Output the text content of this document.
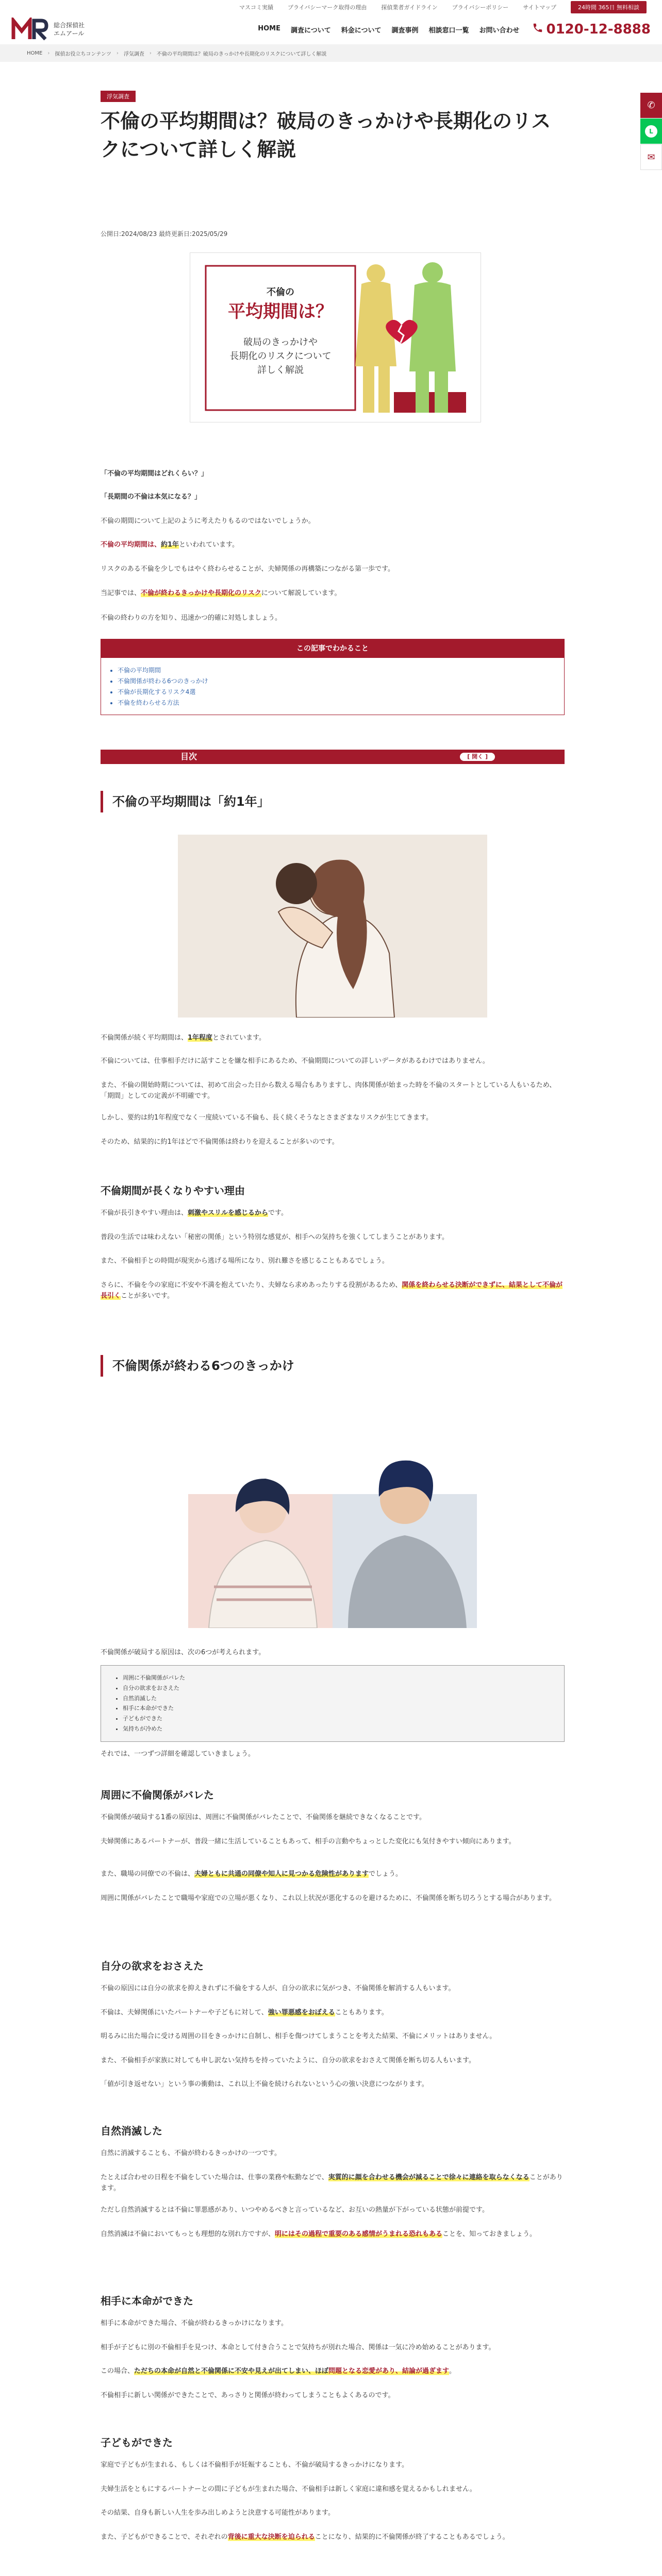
マスコミ実績	プライバシーマーク取得の理由	探偵業者ガイドライン	プライバシーポリシー	サイトマップ	24時間 365日 無料相談
総合探偵社
エムアール
HOME 調査について 料金について 調査事例 相談窓口一覧 お問い合わせ 0120-12-8888
HOME › 探偵お役立ちコンテンツ › 浮気調査 › 不倫の平均期間は？破局のきっかけや長期化のリスクについて詳しく解説
浮気調査
不倫の平均期間は？破局のきっかけや長期化のリスクについて詳しく解説
✆
L
✉
公開日:2024/08/23 最終更新日:2025/05/29
不倫の
平均期間は？
破局のきっかけや
長期化のリスクについて
詳しく解説

「不倫の平均期間はどれくらい？」

「長期間の不倫は本気になる？」

不倫の期間について上記のように考えたりもるのではないでしょうか。

不倫の平均期間は、約1年といわれています。

リスクのある不倫を少しでもはやく終わらせることが、夫婦関係の再構築につながる第一歩です。

当記事では、不倫が終わるきっかけや長期化のリスクについて解説しています。

不倫の終わりの方を知り、迅速かつ的確に対処しましょう。

この記事でわかること
• 不倫の平均期間
• 不倫関係が終わる6つのきっかけ
• 不倫が長期化するリスク4選
• 不倫を終わらせる方法
目次	[ 開く ]
不倫の平均期間は「約1年」

不倫関係が続く平均期間は、1年程度とされています。

不倫については、仕事相手だけに話すことを嫌な相手にあるため、不倫期間についての詳しいデータがあるわけではありません。

また、不倫の開始時期については、初めて出会った日から数える場合もありますし、肉体関係が始まった時を不倫のスタートとしている人もいるため、「期間」としての定義が不明確です。

しかし、要約は約1年程度でなく一度続いている不倫も、長く続くそうなとさまざまなリスクが生じてきます。

そのため、結果的に約1年ほどで不倫関係は終わりを迎えることが多いのです。

不倫期間が長くなりやすい理由

不倫が長引きやすい理由は、刺激やスリルを感じるからです。

普段の生活では味わえない「秘密の関係」という特別な感覚が、相手への気持ちを強くしてしまうことがあります。

また、不倫相手との時間が現実から逃げる場所になり、別れ難さを感じることもあるでしょう。

さらに、不倫を今の家庭に不安や不満を抱えていたり、夫婦なら求めあったりする役割があるため、関係を終わらせる決断ができずに、結果として不倫が長引くことが多いです。

不倫関係が終わる6つのきっかけ

不倫関係が破局する原因は、次の6つが考えられます。

• 周囲に不倫関係がバレた
• 自分の欲求をおさえた
• 自然消滅した
• 相手に本命ができた
• 子どもができた
• 気持ちが冷めた

それでは、一つずつ詳細を確認していきましょう。

周囲に不倫関係がバレた

不倫関係が破局する1番の原因は、周囲に不倫関係がバレたことで、不倫関係を継続できなくなることです。

夫婦関係にあるパートナーが、普段一緒に生活していることもあって、相手の言動やちょっとした変化にも気付きやすい傾向にあります。

また、職場の同僚での不倫は、夫婦ともに共通の同僚や知人に見つかる危険性がありますでしょう。

周囲に関係がバレたことで職場や家庭での立場が悪くなり、これ以上状況が悪化するのを避けるために、不倫関係を断ち切ろうとする場合があります。

自分の欲求をおさえた

不倫の原因には自分の欲求を抑えきれずに不倫をする人が、自分の欲求に気がつき、不倫関係を解消する人もいます。

不倫は、夫婦関係にいたパートナーや子どもに対して、強い罪悪感をおぼえることもあります。

明るみに出た場合に受ける周囲の目をきっかけに自制し、相手を傷つけてしまうことを考えた結果、不倫にメリットはありません。

また、不倫相手が家族に対しても申し訳ない気持ちを持っていたように、自分の欲求をおさえて関係を断ち切る人もいます。

「値が引き返せない」という事の衝動は、これ以上不倫を続けられないという心の強い決意につながります。

自然消滅した

自然に消滅することも、不倫が終わるきっかけの一つです。

たとえば合わせの日程を不倫をしていた場合は、仕事の業務や転勤などで、実質的に顔を合わせる機会が減ることで徐々に連絡を取らなくなることがあります。

ただし自然消滅するとは不倫に罪悪感があり、いつやめるべきと言っているなど、お互いの熱量が下がっている状態が前提です。

自然消滅は不倫においてもっとも理想的な別れ方ですが、明にはその過程で重要のある感情がうまれる恐れもあることを、知っておきましょう。

相手に本命ができた

相手に本命ができた場合、不倫が終わるきっかけになります。

相手が子どもに別の不倫相手を見つけ、本命として付き合うことで気持ちが別れた場合、関係は一気に冷め始めることがあります。

この場合、ただちの本命が自然と不倫関係に不安や見えが出てしまい、ほぼ問題となる恋愛があり、結論が過ぎます。

不倫相手に新しい関係ができたことで、あっさりと関係が終わってしまうこともよくあるのです。

子どもができた

家庭で子どもが生まれる、もしくは不倫相手が妊娠することも、不倫が破局するきっかけになります。

夫婦生活をともにするパートナーとの間に子どもが生まれた場合、不倫相手は新しく家庭に違和感を覚えるかもしれません。

その結果、自身も新しい人生を歩み出しめようと決意する可能性があります。

また、子どもができることで、それぞれの背後に重大な決断を迫られることになり、結果的に不倫関係が終了することもあるでしょう。
